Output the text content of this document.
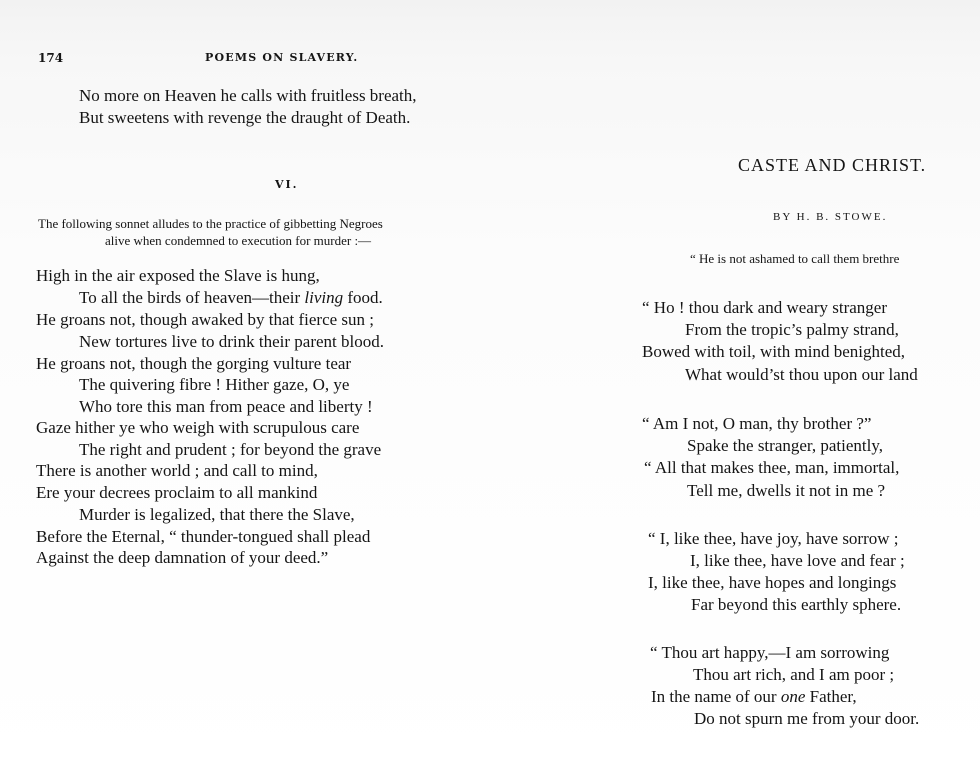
174	POEMS ON SLAVERY.
No more on Heaven he calls with fruitless breath,
But sweetens with revenge the draught of Death.
VI.
The following sonnet alludes to the practice of gibbetting Negroes
alive when condemned to execution for murder :—
High in the air exposed the Slave is hung,
To all the birds of heaven—their living food.
He groans not, though awaked by that fierce sun ;
New tortures live to drink their parent blood.
He groans not, though the gorging vulture tear
The quivering fibre ! Hither gaze, O, ye
Who tore this man from peace and liberty !
Gaze hither ye who weigh with scrupulous care
The right and prudent ; for beyond the grave
There is another world ; and call to mind,
Ere your decrees proclaim to all mankind
Murder is legalized, that there the Slave,
Before the Eternal, “ thunder-tongued shall plead
Against the deep damnation of your deed.”
CASTE AND CHRIST.
BY H. B. STOWE.
“ He is not ashamed to call them brethre
“ Ho ! thou dark and weary stranger
From the tropic’s palmy strand,
Bowed with toil, with mind benighted,
What would’st thou upon our land
“ Am I not, O man, thy brother ?”
Spake the stranger, patiently,
“ All that makes thee, man, immortal,
Tell me, dwells it not in me ?
“ I, like thee, have joy, have sorrow ;
I, like thee, have love and fear ;
I, like thee, have hopes and longings
Far beyond this earthly sphere.
“ Thou art happy,—I am sorrowing
Thou art rich, and I am poor ;
In the name of our one Father,
Do not spurn me from your door.
